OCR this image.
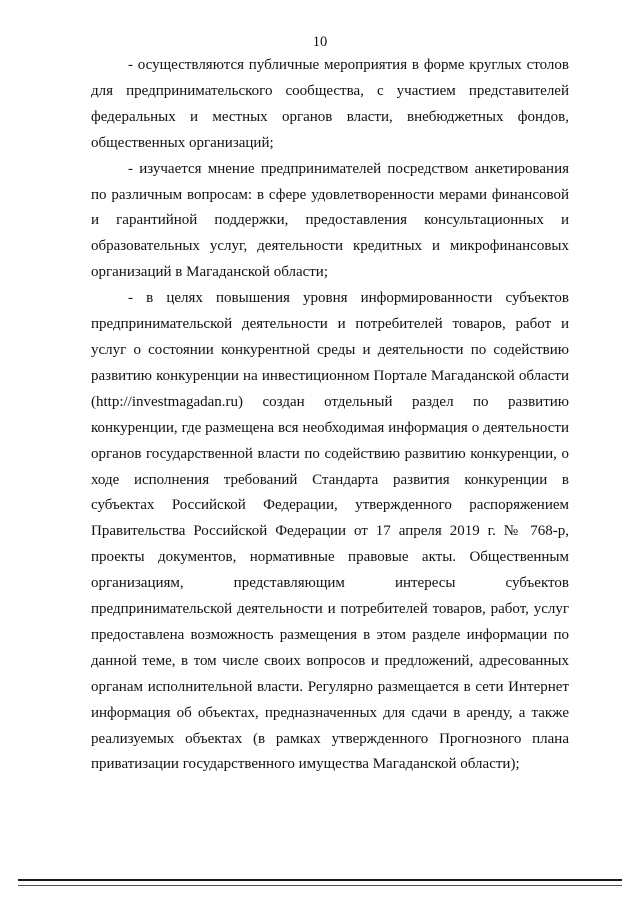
10

- осуществляются публичные мероприятия в форме круглых столов для предпринимательского сообщества, с участием представителей федеральных и местных органов власти, внебюджетных фондов, общественных организаций;

- изучается мнение предпринимателей посредством анкетирования по различным вопросам: в сфере удовлетворенности мерами финансовой и гарантийной поддержки, предоставления консультационных и образовательных услуг, деятельности кредитных и микрофинансовых организаций в Магаданской области;

- в целях повышения уровня информированности субъектов предпринимательской деятельности и потребителей товаров, работ и услуг о состоянии конкурентной среды и деятельности по содействию развитию конкуренции на инвестиционном Портале Магаданской области (http://investmagadan.ru) создан отдельный раздел по развитию конкуренции, где размещена вся необходимая информация о деятельности органов государственной власти по содействию развитию конкуренции, о ходе исполнения требований Стандарта развития конкуренции в субъектах Российской Федерации, утвержденного распоряжением Правительства Российской Федерации от 17 апреля 2019 г. № 768-р, проекты документов, нормативные правовые акты. Общественным организациям, представляющим интересы субъектов предпринимательской деятельности и потребителей товаров, работ, услуг предоставлена возможность размещения в этом разделе информации по данной теме, в том числе своих вопросов и предложений, адресованных органам исполнительной власти. Регулярно размещается в сети Интернет информация об объектах, предназначенных для сдачи в аренду, а также реализуемых объектах (в рамках утвержденного Прогнозного плана приватизации государственного имущества Магаданской области);
